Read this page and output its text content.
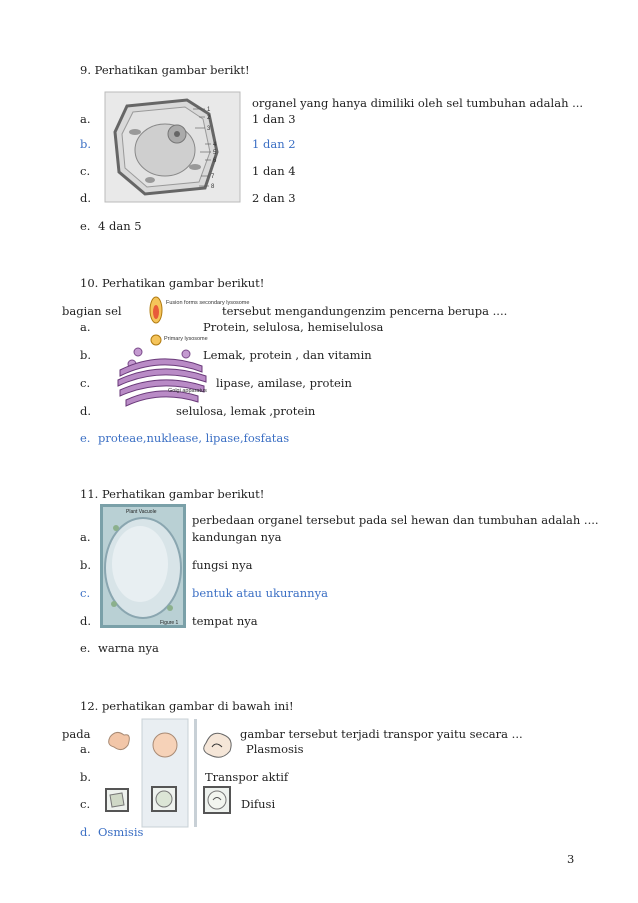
9. Perhatikan gambar berikt!
1
2
3
4
5
6
7
8
organel yang hanya dimiliki oleh sel tumbuhan adalah ...
a.	1 dan 3
b.	1 dan 2
c.	1 dan 4
d.	2 dan 3
e. 4 dan 5
10. Perhatikan gambar berikut!
bagian sel
Fusion forms secondary lysosome
Primary lysosome
Golgi apparatus
tersebut mengandungenzim pencerna berupa ....
a.	Protein, selulosa, hemiselulosa
b.	Lemak, protein , dan vitamin
c.	lipase, amilase, protein
d.	selulosa, lemak ,protein
e. proteae,nuklease, lipase,fosfatas
11. Perhatikan gambar berikut!
Plant Vacuole
Figure 1
perbedaan organel tersebut pada sel hewan dan tumbuhan adalah ....
a.	kandungan nya
b.	fungsi nya
c.	bentuk atau ukurannya
d.	tempat nya
e. warna nya
12. perhatikan gambar di bawah ini!
pada	gambar tersebut terjadi transpor yaitu secara ...
a.	Plasmosis
b.	Transpor aktif
c.	Difusi
d. Osmisis
3
